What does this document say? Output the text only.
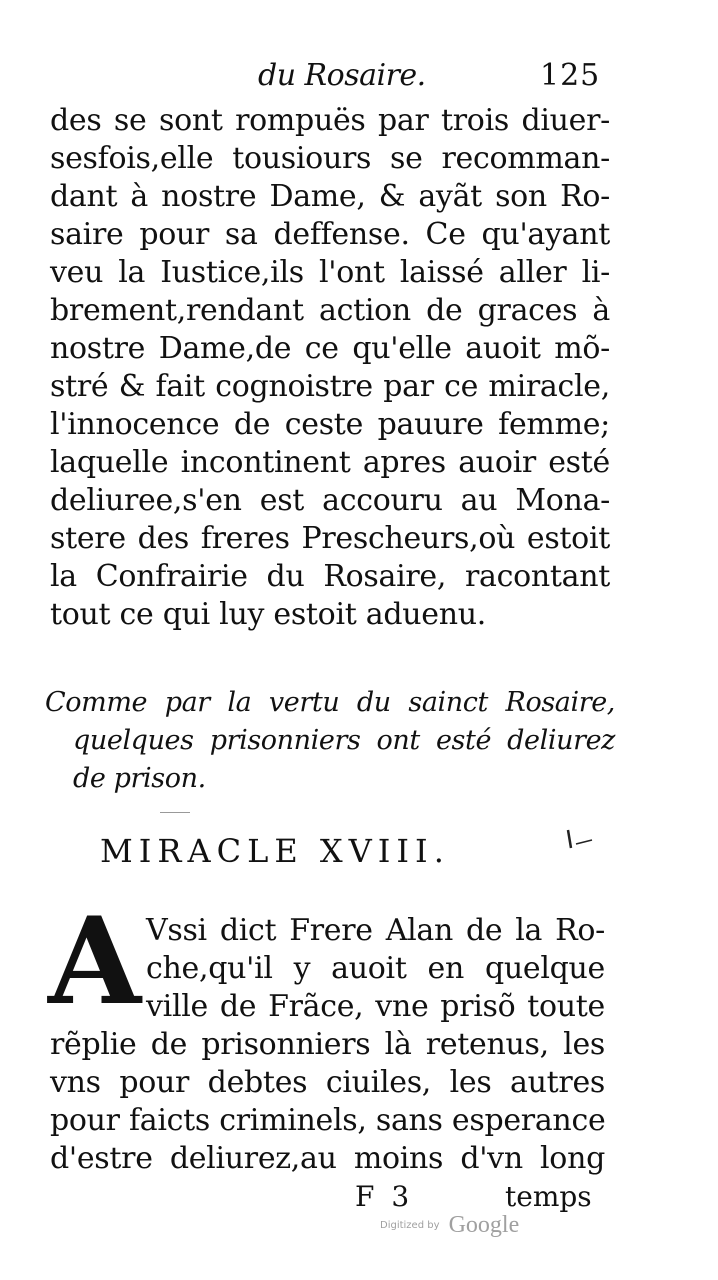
du Rosaire.	125
des se sont rompuës par trois diuer-
sesfois,elle tousiours se recomman-
dant à nostre Dame, & ayãt son Ro-
saire pour sa deffense. Ce qu'ayant
veu la Iustice,ils l'ont laissé aller li-
brement,rendant action de graces à
nostre Dame,de ce qu'elle auoit mõ-
stré & fait cognoistre par ce miracle,
l'innocence de ceste pauure femme;
laquelle incontinent apres auoir esté
deliuree,s'en est accouru au Mona-
stere des freres Prescheurs,où estoit
la Confrairie du Rosaire, racontant
tout ce qui luy estoit aduenu.
Comme par la vertu du sainct Rosaire,
quelques prisonniers ont esté deliurez
de prison.
MIRACLE XVIII.
A Vssi dict Frere Alan de la Ro-
che,qu'il y auoit en quelque
ville de Frãce, vne prisõ toute
rẽplie de prisonniers là retenus, les
vns pour debtes ciuiles, les autres
pour faicts criminels, sans esperance
d'estre deliurez,au moins d'vn long
F 3	temps
Digitized by Google
